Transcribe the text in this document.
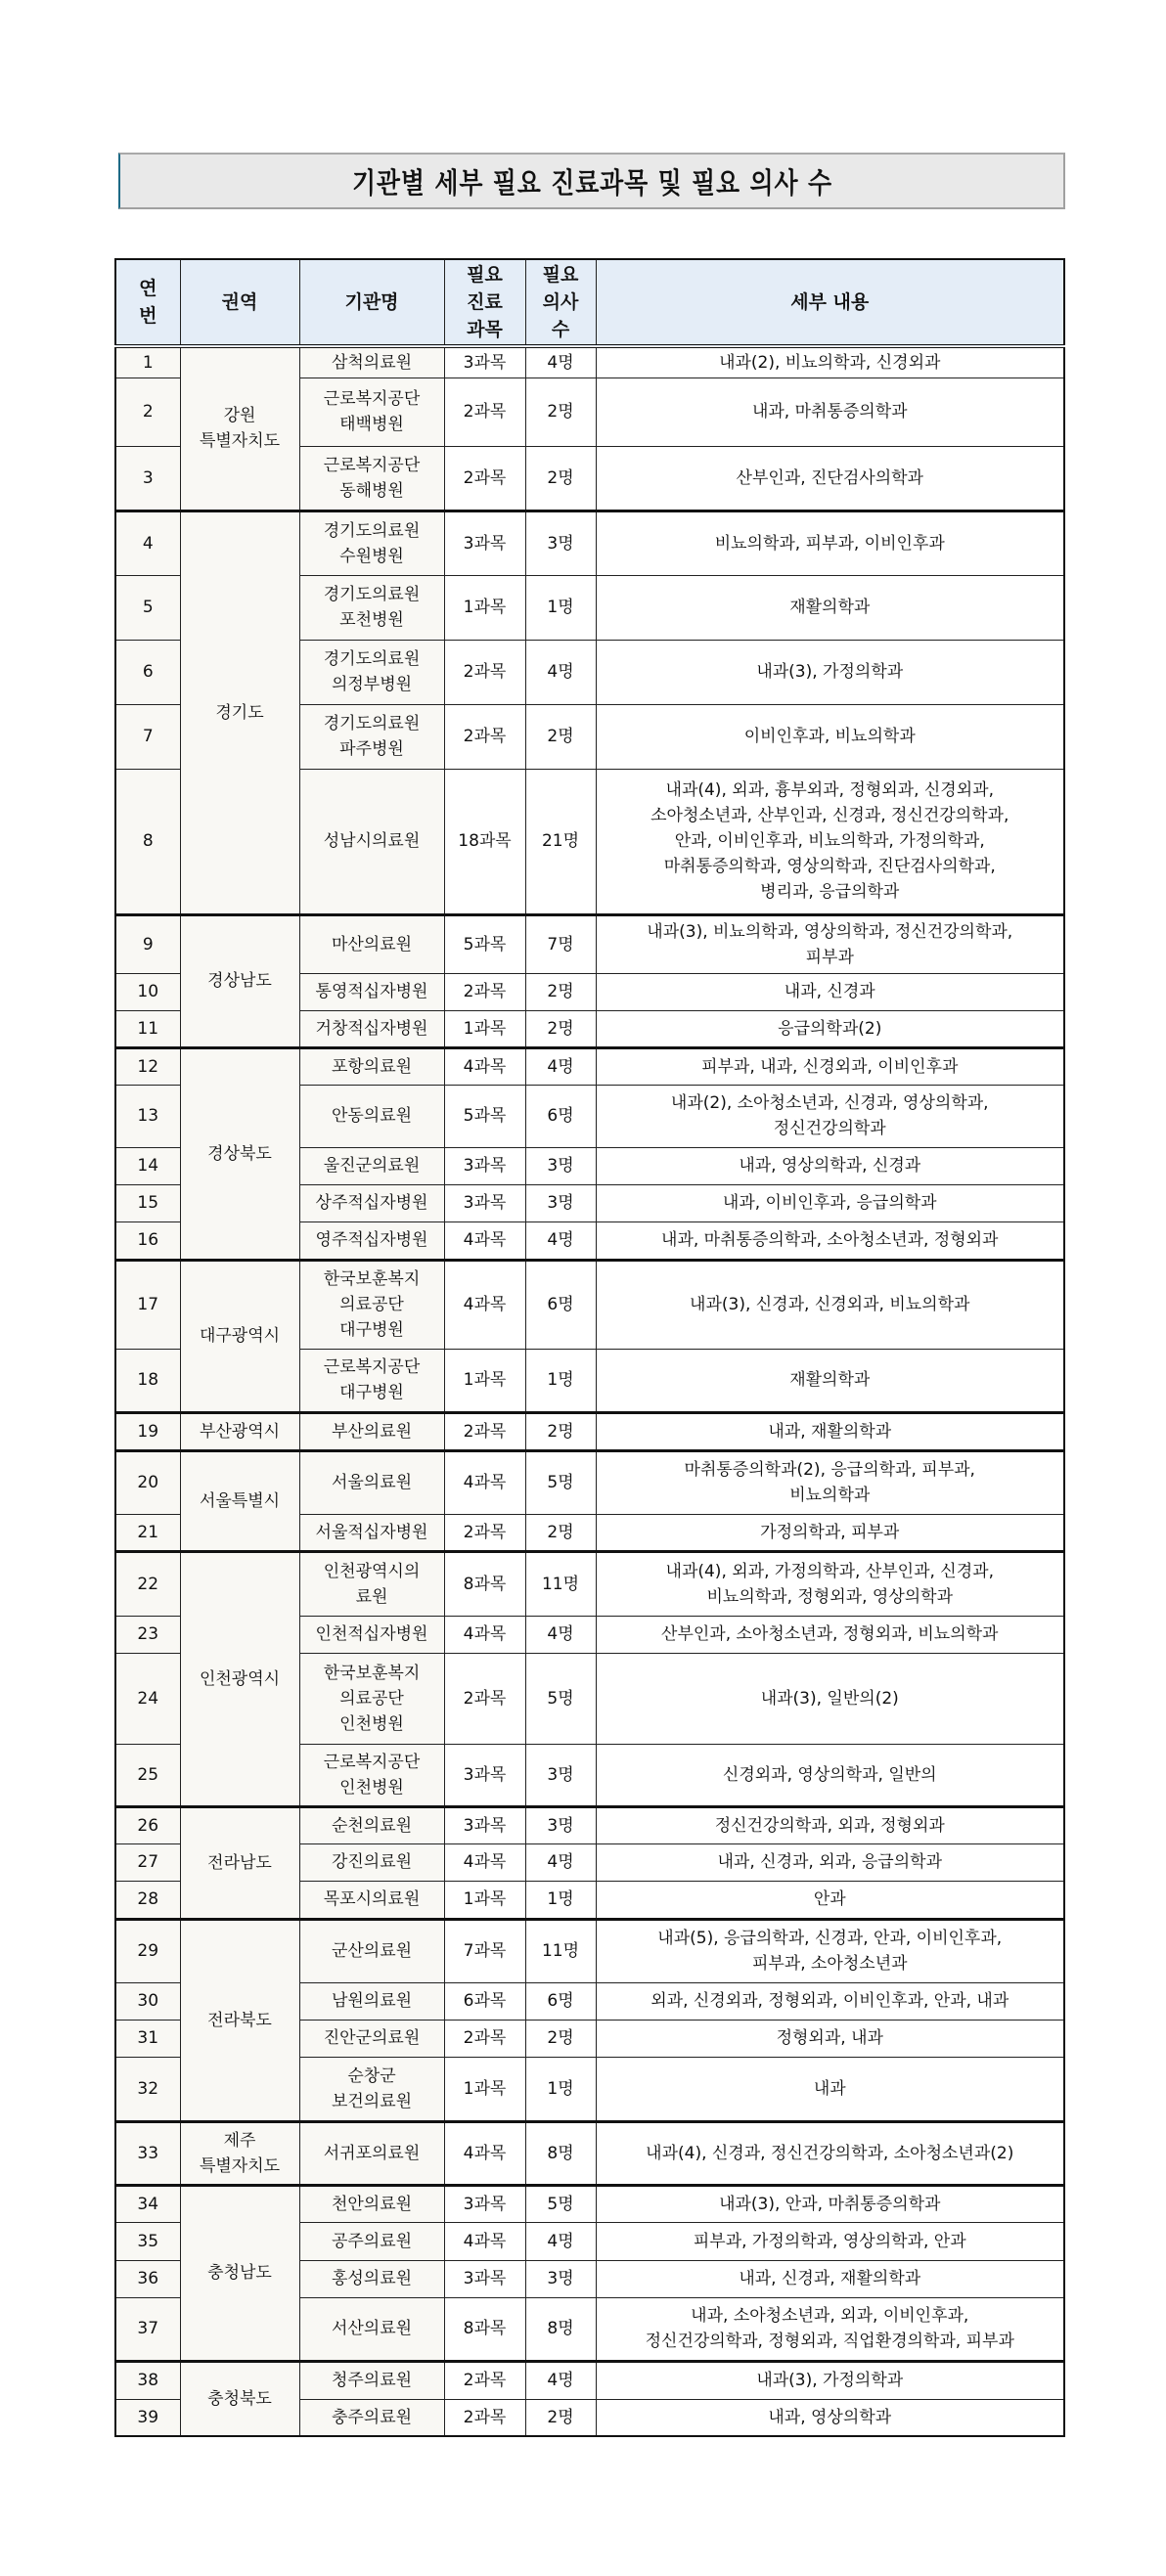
기관별 세부 필요 진료과목 및 필요 의사 수
연
번	권역	기관명	필요
진료
과목	필요
의사
수	세부 내용
1	강원
특별자치도	삼척의료원	3과목	4명	내과(2), 비뇨의학과, 신경외과

2		근로복지공단
태백병원	2과목	2명	내과, 마취통증의학과

3		근로복지공단
동해병원	2과목	2명	산부인과, 진단검사의학과

4	경기도	경기도의료원
수원병원	3과목	3명	비뇨의학과, 피부과, 이비인후과

5		경기도의료원
포천병원	1과목	1명	재활의학과

6		경기도의료원
의정부병원	2과목	4명	내과(3), 가정의학과

7		경기도의료원
파주병원	2과목	2명	이비인후과, 비뇨의학과

8		성남시의료원	18과목	21명	내과(4), 외과, 흉부외과, 정형외과, 신경외과,
소아청소년과, 산부인과, 신경과, 정신건강의학과,
안과, 이비인후과, 비뇨의학과, 가정의학과,
마취통증의학과, 영상의학과, 진단검사의학과,
병리과, 응급의학과

9	경상남도	마산의료원	5과목	7명	내과(3), 비뇨의학과, 영상의학과, 정신건강의학과,
피부과

10		통영적십자병원	2과목	2명	내과, 신경과

11		거창적십자병원	1과목	2명	응급의학과(2)

12	경상북도	포항의료원	4과목	4명	피부과, 내과, 신경외과, 이비인후과

13		안동의료원	5과목	6명	내과(2), 소아청소년과, 신경과, 영상의학과,
정신건강의학과

14		울진군의료원	3과목	3명	내과, 영상의학과, 신경과

15		상주적십자병원	3과목	3명	내과, 이비인후과, 응급의학과

16		영주적십자병원	4과목	4명	내과, 마취통증의학과, 소아청소년과, 정형외과

17	대구광역시	한국보훈복지
의료공단
대구병원	4과목	6명	내과(3), 신경과, 신경외과, 비뇨의학과

18		근로복지공단
대구병원	1과목	1명	재활의학과

19	부산광역시	부산의료원	2과목	2명	내과, 재활의학과

20	서울특별시	서울의료원	4과목	5명	마취통증의학과(2), 응급의학과, 피부과,
비뇨의학과

21		서울적십자병원	2과목	2명	가정의학과, 피부과

22	인천광역시	인천광역시의
료원	8과목	11명	내과(4), 외과, 가정의학과, 산부인과, 신경과,
비뇨의학과, 정형외과, 영상의학과

23		인천적십자병원	4과목	4명	산부인과, 소아청소년과, 정형외과, 비뇨의학과

24		한국보훈복지
의료공단
인천병원	2과목	5명	내과(3), 일반의(2)

25		근로복지공단
인천병원	3과목	3명	신경외과, 영상의학과, 일반의

26	전라남도	순천의료원	3과목	3명	정신건강의학과, 외과, 정형외과

27		강진의료원	4과목	4명	내과, 신경과, 외과, 응급의학과

28		목포시의료원	1과목	1명	안과

29	전라북도	군산의료원	7과목	11명	내과(5), 응급의학과, 신경과, 안과, 이비인후과,
피부과, 소아청소년과

30		남원의료원	6과목	6명	외과, 신경외과, 정형외과, 이비인후과, 안과, 내과

31		진안군의료원	2과목	2명	정형외과, 내과

32		순창군
보건의료원	1과목	1명	내과

33	제주
특별자치도	서귀포의료원	4과목	8명	내과(4), 신경과, 정신건강의학과, 소아청소년과(2)

34	충청남도	천안의료원	3과목	5명	내과(3), 안과, 마취통증의학과

35		공주의료원	4과목	4명	피부과, 가정의학과, 영상의학과, 안과

36		홍성의료원	3과목	3명	내과, 신경과, 재활의학과

37		서산의료원	8과목	8명	내과, 소아청소년과, 외과, 이비인후과,
정신건강의학과, 정형외과, 직업환경의학과, 피부과

38	충청북도	청주의료원	2과목	4명	내과(3), 가정의학과

39		충주의료원	2과목	2명	내과, 영상의학과
